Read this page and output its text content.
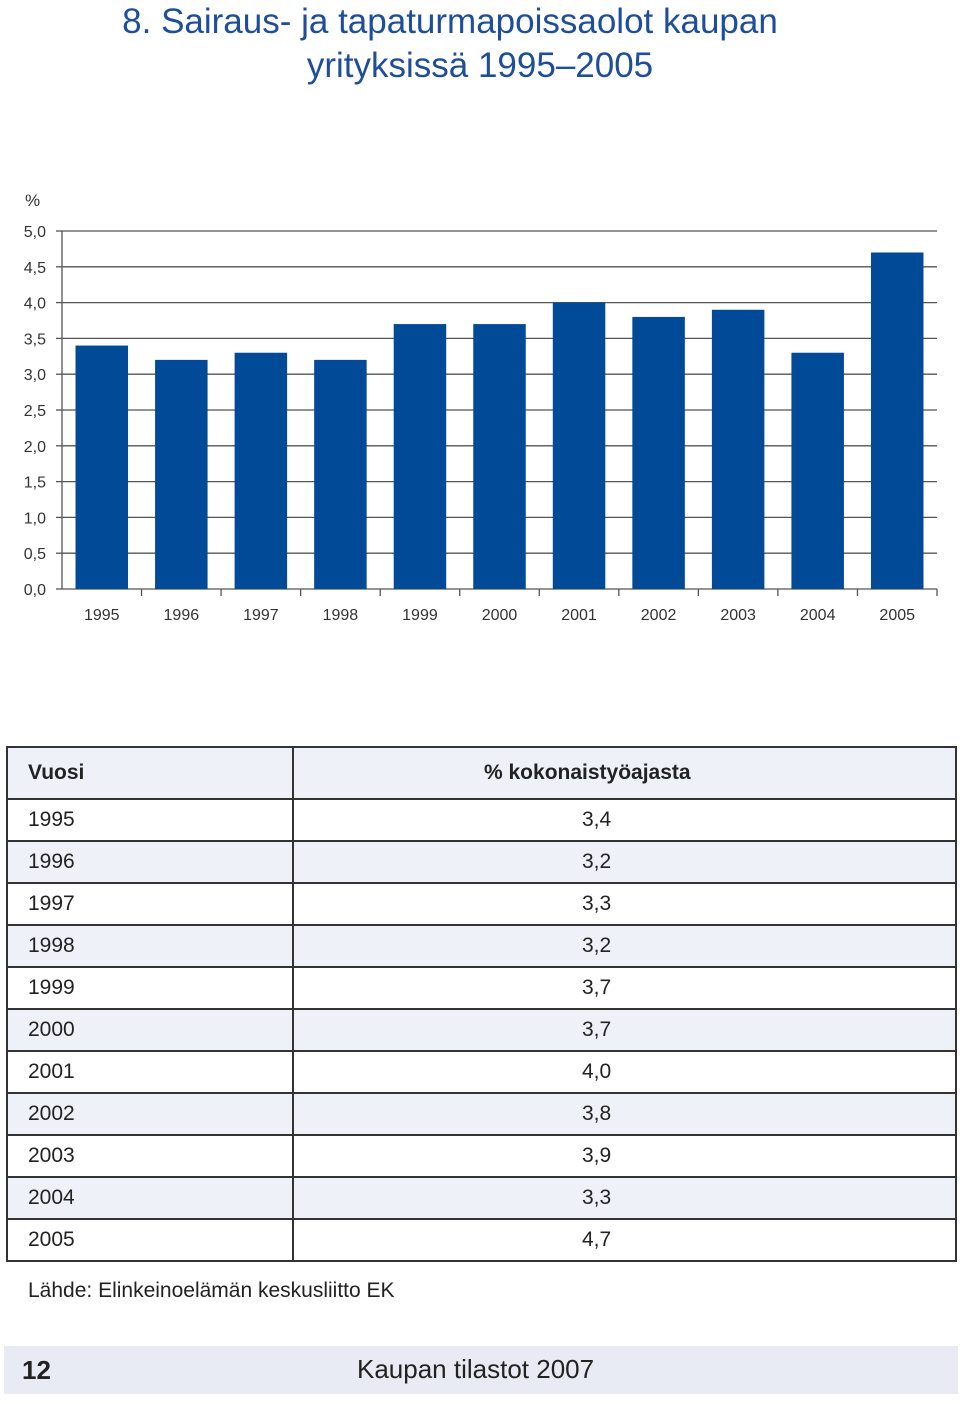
8. Sairaus- ja tapaturmapoissaolot kaupan
yrityksissä 1995–2005
%
0,0
0,5
1,0
1,5
2,0
2,5
3,0
3,5
4,0
4,5
5,0
1995	1996	1997	1998	1999	2000	2001	2002	2003	2004	2005
Vuosi	% kokonaistyöajasta
1995	3,4
1996	3,2
1997	3,3
1998	3,2
1999	3,7
2000	3,7
2001	4,0
2002	3,8
2003	3,9
2004	3,3
2005	4,7
Lähde: Elinkeinoelämän keskusliitto EK
12	Kaupan tilastot 2007
